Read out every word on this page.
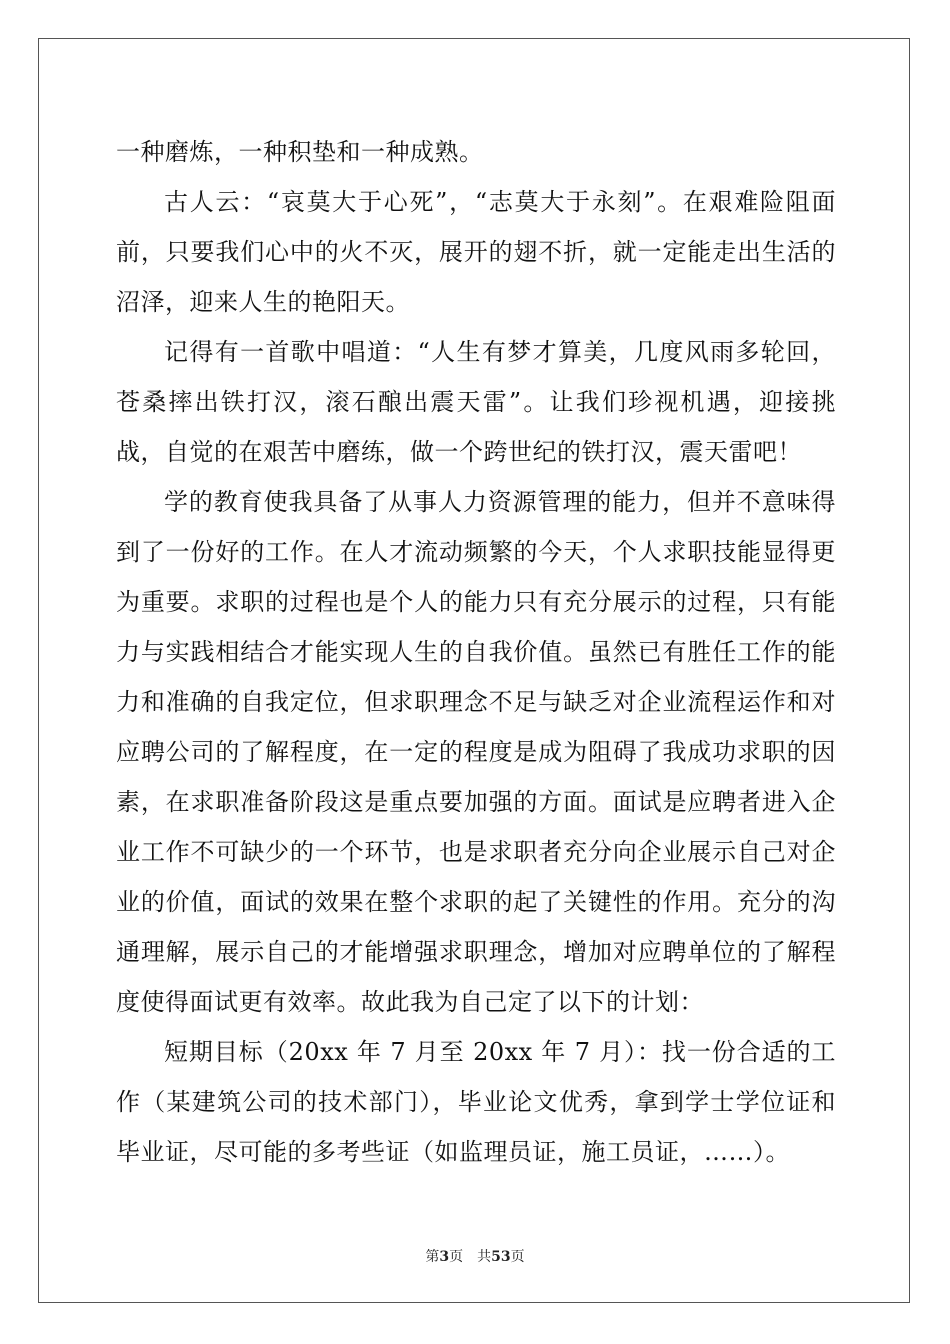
一种磨炼，一种积垫和一种成熟。

古人云：“哀莫大于心死”，“志莫大于永刻”。在艰难险阻面前，只要我们心中的火不灭，展开的翅不折，就一定能走出生活的沼泽，迎来人生的艳阳天。

记得有一首歌中唱道：“人生有梦才算美，几度风雨多轮回，苍桑摔出铁打汉，滚石酿出震天雷”。让我们珍视机遇，迎接挑战，自觉的在艰苦中磨练，做一个跨世纪的铁打汉，震天雷吧！

学的教育使我具备了从事人力资源管理的能力，但并不意味得到了一份好的工作。在人才流动频繁的今天，个人求职技能显得更为重要。求职的过程也是个人的能力只有充分展示的过程，只有能力与实践相结合才能实现人生的自我价值。虽然已有胜任工作的能力和准确的自我定位，但求职理念不足与缺乏对企业流程运作和对应聘公司的了解程度，在一定的程度是成为阻碍了我成功求职的因素，在求职准备阶段这是重点要加强的方面。面试是应聘者进入企业工作不可缺少的一个环节，也是求职者充分向企业展示自己对企业的价值，面试的效果在整个求职的起了关键性的作用。充分的沟通理解，展示自己的才能增强求职理念，增加对应聘单位的了解程度使得面试更有效率。故此我为自己定了以下的计划：

短期目标（20xx 年 7 月至 20xx 年 7 月）：找一份合适的工作（某建筑公司的技术部门），毕业论文优秀，拿到学士学位证和毕业证，尽可能的多考些证（如监理员证，施工员证，……）。

第3页 共53页
